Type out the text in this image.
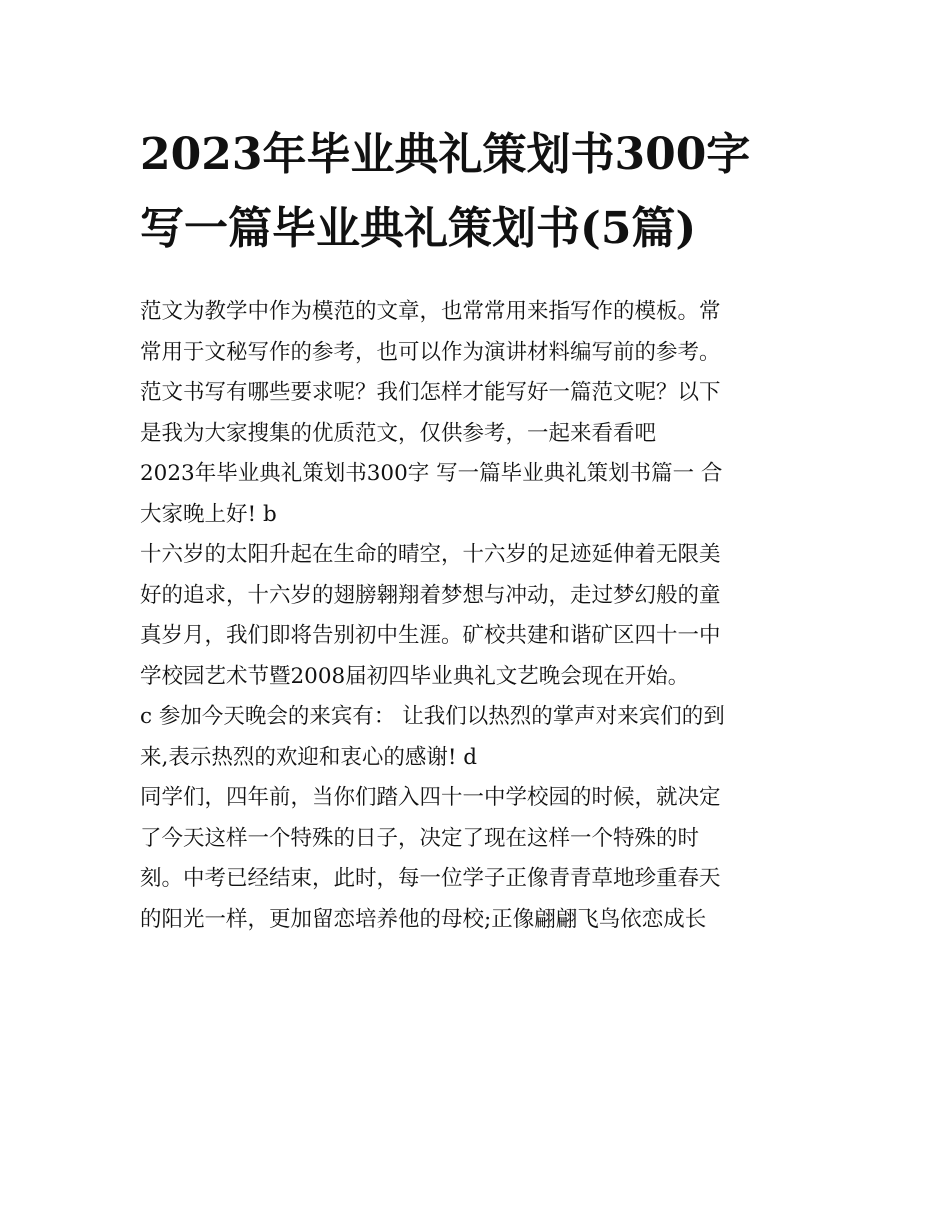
2023年毕业典礼策划书300字
写一篇毕业典礼策划书(5篇)

范文为教学中作为模范的文章，也常常用来指写作的模板。常
常用于文秘写作的参考，也可以作为演讲材料编写前的参考。
范文书写有哪些要求呢？我们怎样才能写好一篇范文呢？以下
是我为大家搜集的优质范文，仅供参考，一起来看看吧

2023年毕业典礼策划书300字 写一篇毕业典礼策划书篇一 合
大家晚上好! b

十六岁的太阳升起在生命的晴空，十六岁的足迹延伸着无限美
好的追求，十六岁的翅膀翱翔着梦想与冲动，走过梦幻般的童
真岁月，我们即将告别初中生涯。矿校共建和谐矿区四十一中
学校园艺术节暨2008届初四毕业典礼文艺晚会现在开始。

c 参加今天晚会的来宾有： 让我们以热烈的掌声对来宾们的到
来,表示热烈的欢迎和衷心的感谢! d

同学们，四年前，当你们踏入四十一中学校园的时候，就决定
了今天这样一个特殊的日子，决定了现在这样一个特殊的时
刻。中考已经结束，此时，每一位学子正像青青草地珍重春天
的阳光一样，更加留恋培养他的母校;正像翩翩飞鸟依恋成长
